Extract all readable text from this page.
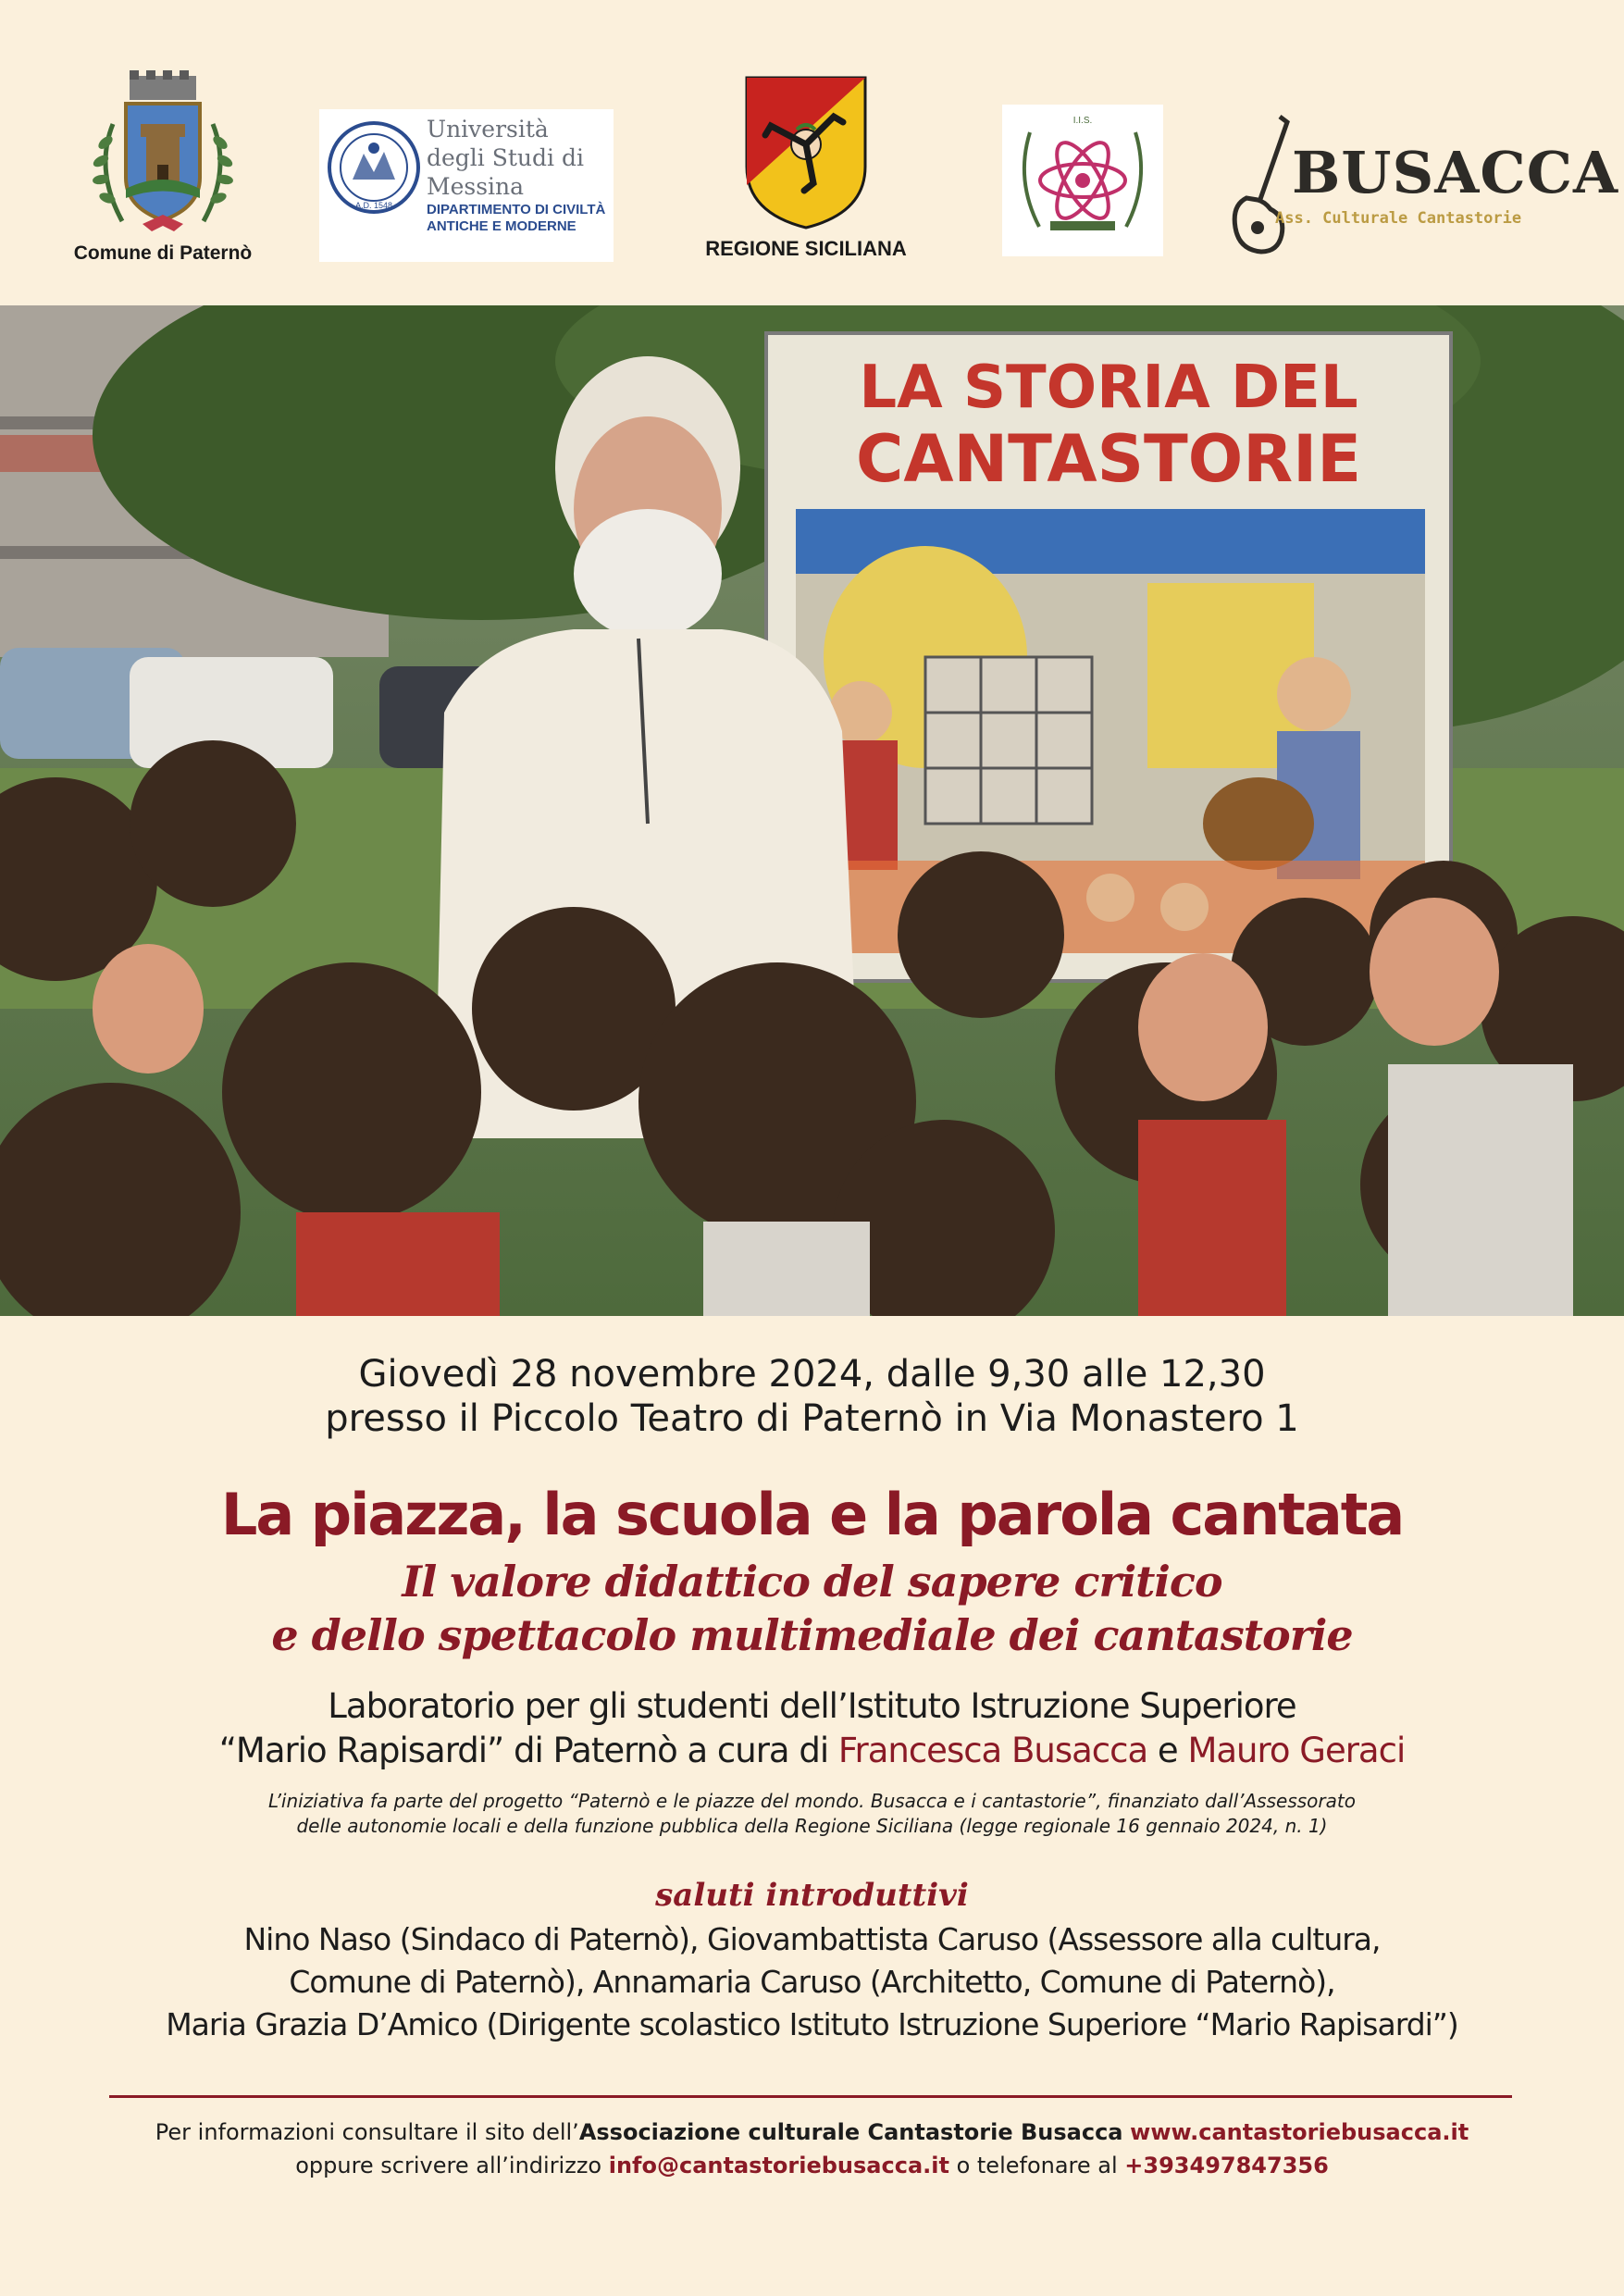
Comune di Paternò
A.D. 1548
Università
degli Studi di
Messina
DIPARTIMENTO DI CIVILTÀ
ANTICHE E MODERNE
REGIONE SICILIANA
I.I.S.
BUSACCA
Ass. Culturale Cantastorie
LA STORIA DEL
CANTASTORIE
Giovedì 28 novembre 2024, dalle 9,30 alle 12,30
presso il Piccolo Teatro di Paternò in Via Monastero 1
La piazza, la scuola e la parola cantata
Il valore didattico del sapere critico
e dello spettacolo multimediale dei cantastorie
Laboratorio per gli studenti dell’Istituto Istruzione Superiore
“Mario Rapisardi” di Paternò a cura di Francesca Busacca e Mauro Geraci
L’iniziativa fa parte del progetto “Paternò e le piazze del mondo. Busacca e i cantastorie”, finanziato dall’Assessorato
delle autonomie locali e della funzione pubblica della Regione Siciliana (legge regionale 16 gennaio 2024, n. 1)
saluti introduttivi
Nino Naso (Sindaco di Paternò), Giovambattista Caruso (Assessore alla cultura,
Comune di Paternò), Annamaria Caruso (Architetto, Comune di Paternò),
Maria Grazia D’Amico (Dirigente scolastico Istituto Istruzione Superiore “Mario Rapisardi”)
Per informazioni consultare il sito dell’Associazione culturale Cantastorie Busacca www.cantastoriebusacca.it
oppure scrivere all’indirizzo info@cantastoriebusacca.it o telefonare al +393497847356
